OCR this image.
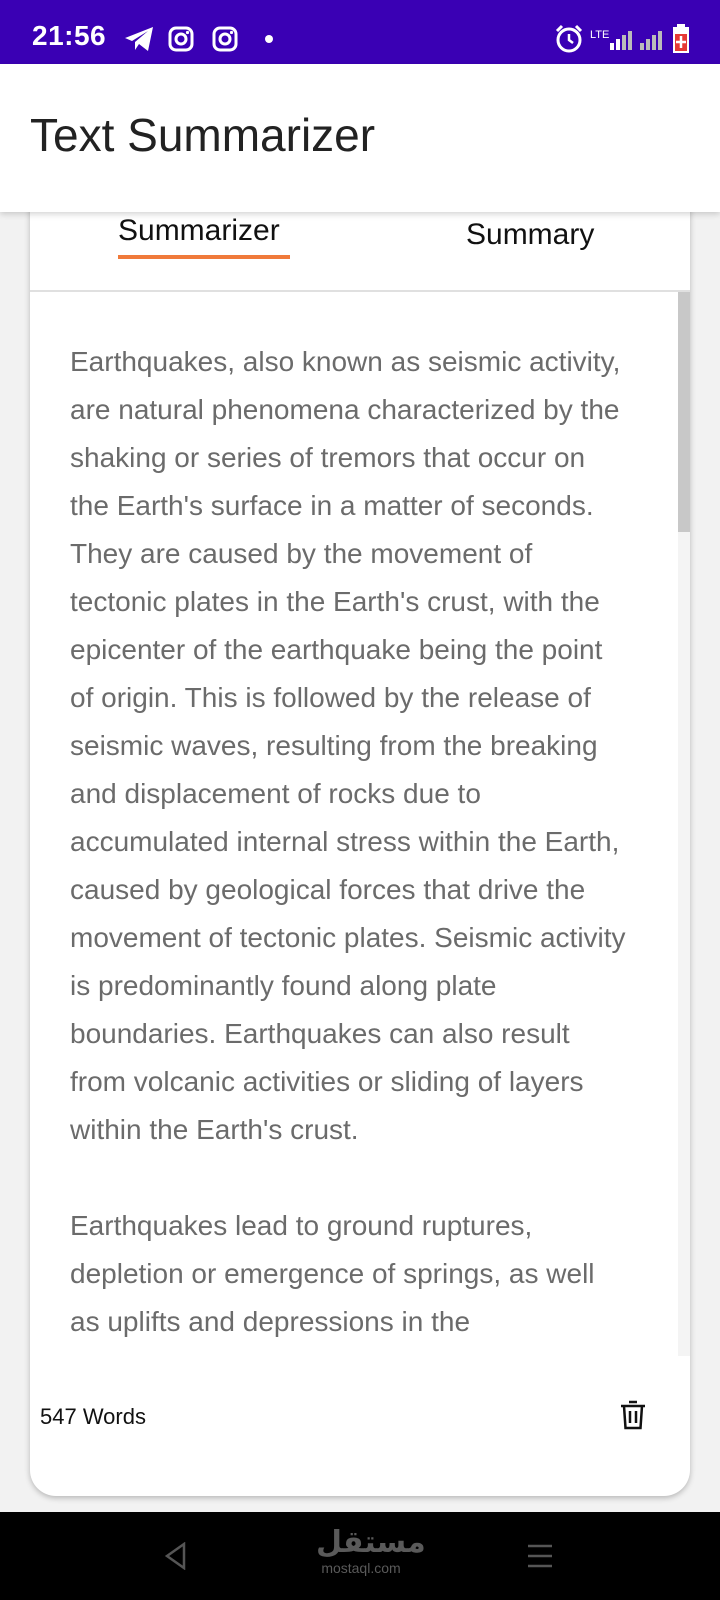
21:56	LTE
Text Summarizer
Summarizer	Summary

Earthquakes, also known as seismic activity, are natural phenomena characterized by the shaking or series of tremors that occur on the Earth's surface in a matter of seconds. They are caused by the movement of tectonic plates in the Earth's crust, with the epicenter of the earthquake being the point of origin. This is followed by the release of seismic waves, resulting from the breaking and displacement of rocks due to accumulated internal stress within the Earth, caused by geological forces that drive the movement of tectonic plates. Seismic activity is predominantly found along plate boundaries. Earthquakes can also result from volcanic activities or sliding of layers within the Earth's crust.

Earthquakes lead to ground ruptures, depletion or emergence of springs, as well as uplifts and depressions in the

547 Words
مستقل
mostaql.com
